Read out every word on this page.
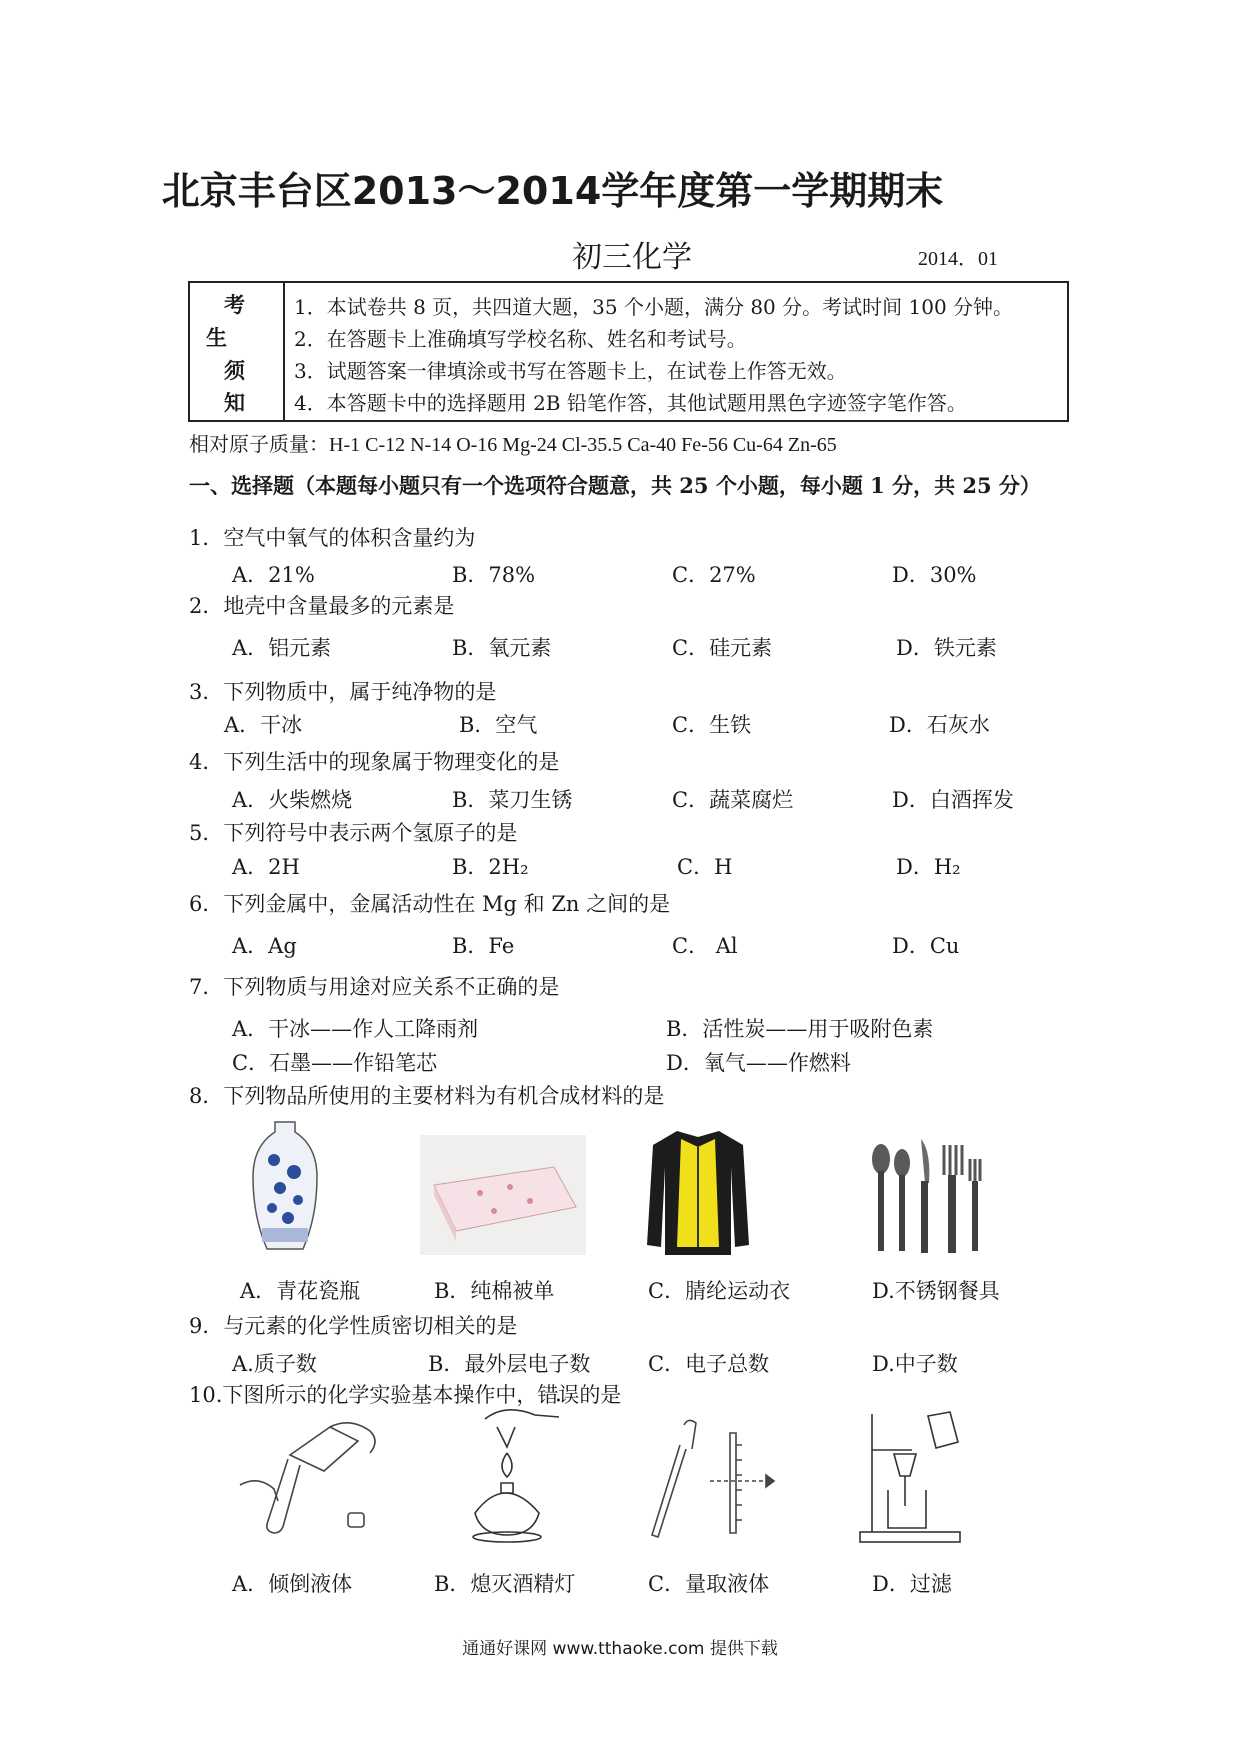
北京丰台区2013～2014学年度第一学期期末
初三化学	2014．01
考
生
须
知
1．本试卷共 8 页，共四道大题，35 个小题，满分 80 分。考试时间 100 分钟。
2．在答题卡上准确填写学校名称、姓名和考试号。
3．试题答案一律填涂或书写在答题卡上，在试卷上作答无效。
4．本答题卡中的选择题用 2B 铅笔作答，其他试题用黑色字迹签字笔作答。
相对原子质量：H-1 C-12 N-14 O-16 Mg-24 Cl-35.5 Ca-40 Fe-56 Cu-64 Zn-65
一、选择题（本题每小题只有一个选项符合题意，共 25 个小题，每小题 1 分，共 25 分）
1．空气中氧气的体积含量约为
A．21%	B．78%	C．27%	D．30%
2．地壳中含量最多的元素是
A．铝元素	B．氧元素	C．硅元素	D．铁元素
3．下列物质中，属于纯净物的是
A．干冰	B．空气	C．生铁	D．石灰水
4．下列生活中的现象属于物理变化的是
A．火柴燃烧	B．菜刀生锈	C．蔬菜腐烂	D．白酒挥发
5．下列符号中表示两个氢原子的是
A．2H	B．2H₂	C．H	D．H₂
6．下列金属中，金属活动性在 Mg 和 Zn 之间的是
A．Ag	B．Fe	C． Al	D．Cu
7．下列物质与用途对应关系不正确的是
A．干冰——作人工降雨剂	B．活性炭——用于吸附色素
C．石墨——作铅笔芯	D．氧气——作燃料
8．下列物品所使用的主要材料为有机合成材料的是
A．青花瓷瓶	B．纯棉被单	C．腈纶运动衣	D.不锈钢餐具
9．与元素的化学性质密切相关的是
A.质子数	B．最外层电子数	C．电子总数	D.中子数
10.下图所示的化学实验基本操作中，错误的是
A．倾倒液体	B．熄灭酒精灯	C．量取液体	D．过滤
通通好课网 www.tthaoke.com 提供下载
